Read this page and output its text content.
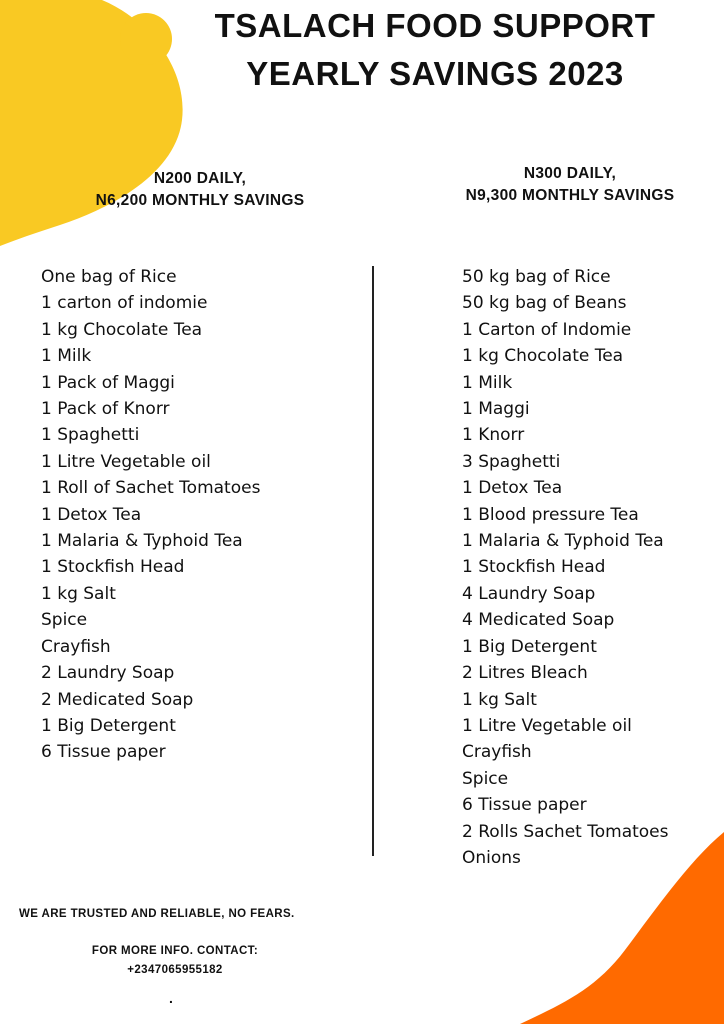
TSALACH FOOD SUPPORT
YEARLY SAVINGS 2023
N200 DAILY,
N6,200 MONTHLY SAVINGS
N300 DAILY,
N9,300 MONTHLY SAVINGS
One bag of Rice
1 carton of indomie
1 kg Chocolate Tea
1 Milk
1 Pack of Maggi
1 Pack of Knorr
1 Spaghetti
1 Litre Vegetable oil
1 Roll of Sachet Tomatoes
1 Detox Tea
1 Malaria & Typhoid Tea
1 Stockfish Head
1 kg Salt
Spice
Crayfish
2 Laundry Soap
2 Medicated Soap
1 Big Detergent
6 Tissue paper
50 kg bag of Rice
50 kg bag of Beans
1 Carton of Indomie
1 kg Chocolate Tea
1 Milk
1 Maggi
1 Knorr
3 Spaghetti
1 Detox Tea
1 Blood pressure Tea
1 Malaria & Typhoid Tea
1 Stockfish Head
4 Laundry Soap
4 Medicated Soap
1 Big Detergent
2 Litres Bleach
1 kg Salt
1 Litre Vegetable oil
Crayfish
Spice
6 Tissue paper
2 Rolls Sachet Tomatoes
Onions
WE ARE TRUSTED AND RELIABLE, NO FEARS.
FOR MORE INFO. CONTACT:
+2347065955182
.
